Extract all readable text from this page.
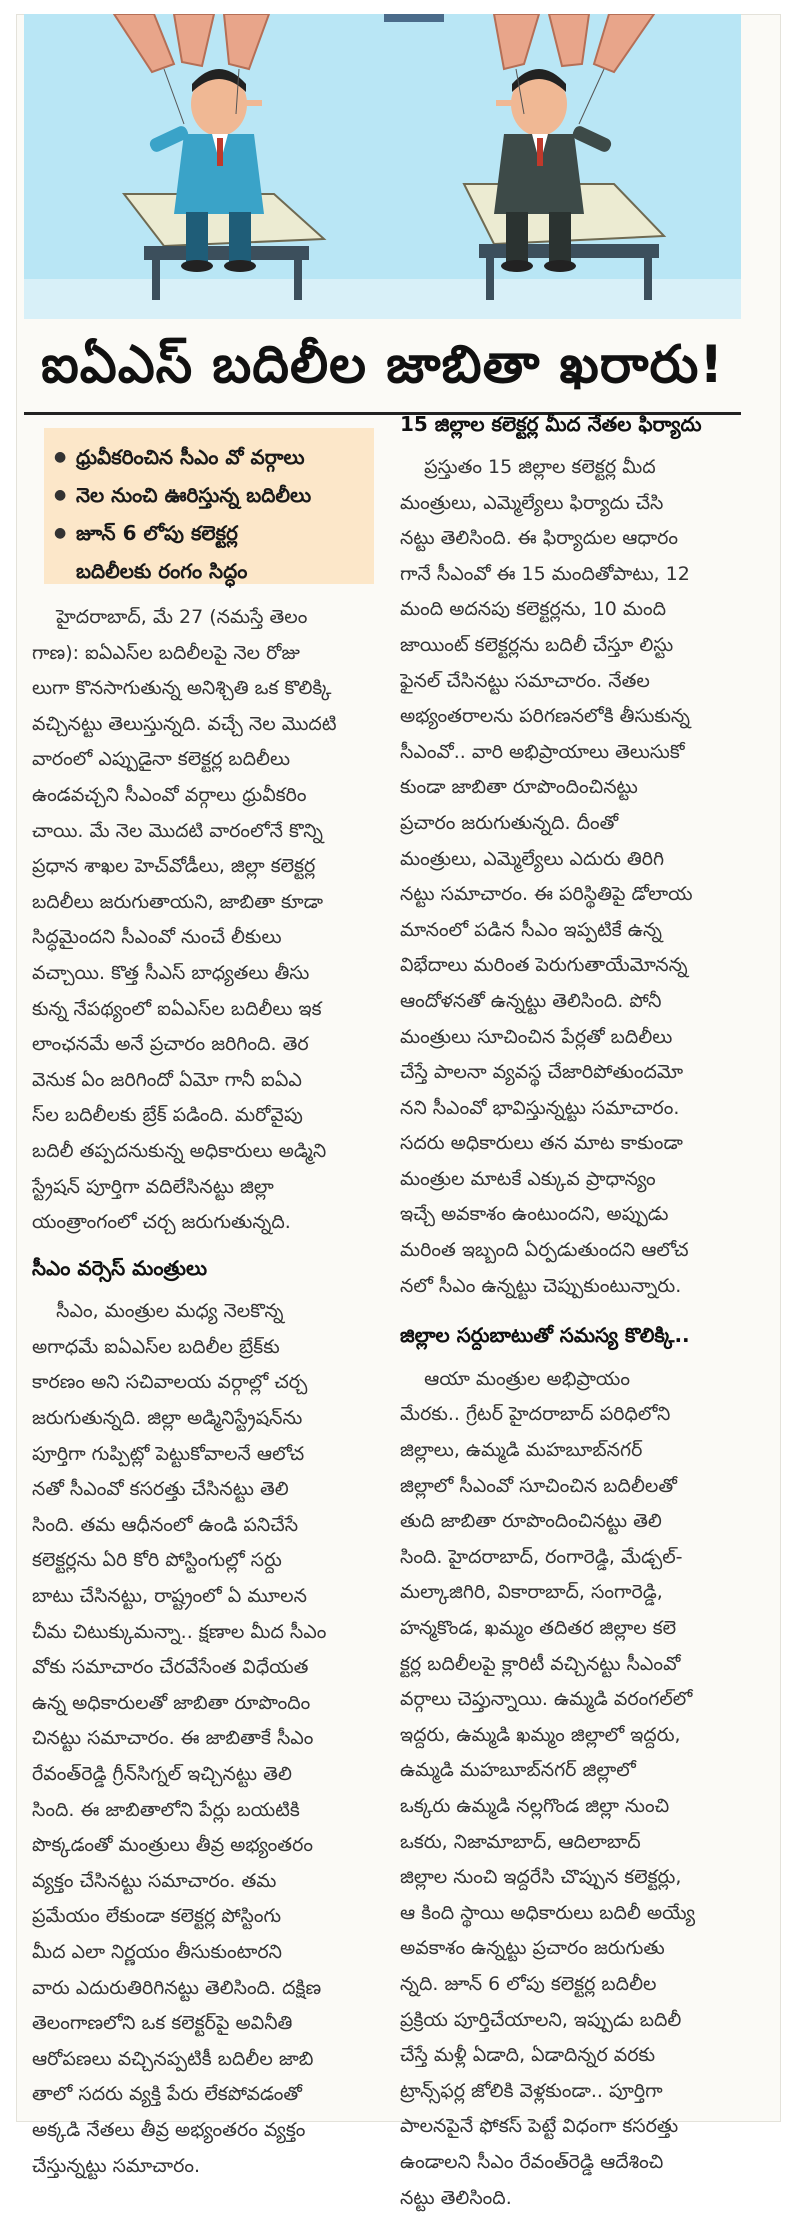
ఐఏఎస్ బదిలీల జాబితా ఖరారు!
● ధ్రువీకరించిన సీఎం వో వర్గాలు
● నెల నుంచి ఊరిస్తున్న బదిలీలు
● జూన్ 6 లోపు కలెక్టర్ల
బదిలీలకు రంగం సిద్ధం
15 జిల్లాల కలెక్టర్ల మీద నేతల ఫిర్యాదు
హైదరాబాద్, మే 27 (నమస్తే తెలం
గాణ): ఐఏఎస్‌ల బదిలీలపై నెల రోజు
లుగా కొనసాగుతున్న అనిశ్చితి ఒక కొలిక్కి
వచ్చినట్టు తెలుస్తున్నది. వచ్చే నెల మొదటి
వారంలో ఎప్పుడైనా కలెక్టర్ల బదిలీలు
ఉండవచ్చని సీఎంవో వర్గాలు ధ్రువీకరిం
చాయి. మే నెల మొదటి వారంలోనే కొన్ని
ప్రధాన శాఖల హెచ్‌వోడీలు, జిల్లా కలెక్టర్ల
బదిలీలు జరుగుతాయని, జాబితా కూడా
సిద్ధమైందని సీఎంవో నుంచే లీకులు
వచ్చాయి. కొత్త సీఎస్ బాధ్యతలు తీసు
కున్న నేపథ్యంలో ఐఏఎస్‌ల బదిలీలు ఇక
లాంఛనమే అనే ప్రచారం జరిగింది. తెర
వెనుక ఏం జరిగిందో ఏమో గానీ ఐఏఎ
స్‌ల బదిలీలకు బ్రేక్ పడింది. మరోవైపు
బదిలీ తప్పదనుకున్న అధికారులు అడ్మిని
స్ట్రేషన్ పూర్తిగా వదిలేసినట్టు జిల్లా
యంత్రాంగంలో చర్చ జరుగుతున్నది.
సీఎం వర్సెస్ మంత్రులు
సీఎం, మంత్రుల మధ్య నెలకొన్న
అగాధమే ఐఏఎస్‌ల బదిలీల బ్రేక్‌కు
కారణం అని సచివాలయ వర్గాల్లో చర్చ
జరుగుతున్నది. జిల్లా అడ్మినిస్ట్రేషన్‌ను
పూర్తిగా గుప్పిట్లో పెట్టుకోవాలనే ఆలోచ
నతో సీఎంవో కసరత్తు చేసినట్టు తెలి
సింది. తమ ఆధీనంలో ఉండి పనిచేసే
కలెక్టర్లను ఏరి కోరి పోస్టింగుల్లో సర్దు
బాటు చేసినట్టు, రాష్ట్రంలో ఏ మూలన
చీమ చిటుక్కుమన్నా.. క్షణాల మీద సీఎం
వోకు సమాచారం చేరవేసేంత విధేయత
ఉన్న అధికారులతో జాబితా రూపొందిం
చినట్టు సమాచారం. ఈ జాబితాకే సీఎం
రేవంత్‌రెడ్డి గ్రీన్‌సిగ్నల్ ఇచ్చినట్టు తెలి
సింది. ఈ జాబితాలోని పేర్లు బయటికి
పొక్కడంతో మంత్రులు తీవ్ర అభ్యంతరం
వ్యక్తం చేసినట్టు సమాచారం. తమ
ప్రమేయం లేకుండా కలెక్టర్ల పోస్టింగు
మీద ఎలా నిర్ణయం తీసుకుంటారని
వారు ఎదురుతిరిగినట్టు తెలిసింది. దక్షిణ
తెలంగాణలోని ఒక కలెక్టర్‌పై అవినీతి
ఆరోపణలు వచ్చినప్పటికీ బదిలీల జాబి
తాలో సదరు వ్యక్తి పేరు లేకపోవడంతో
అక్కడి నేతలు తీవ్ర అభ్యంతరం వ్యక్తం
చేస్తున్నట్టు సమాచారం.
ప్రస్తుతం 15 జిల్లాల కలెక్టర్ల మీద
మంత్రులు, ఎమ్మెల్యేలు ఫిర్యాదు చేసి
నట్టు తెలిసింది. ఈ ఫిర్యాదుల ఆధారం
గానే సీఎంవో ఈ 15 మందితోపాటు, 12
మంది అదనపు కలెక్టర్లను, 10 మంది
జాయింట్ కలెక్టర్లను బదిలీ చేస్తూ లిస్టు
ఫైనల్ చేసినట్టు సమాచారం. నేతల
అభ్యంతరాలను పరిగణనలోకి తీసుకున్న
సీఎంవో.. వారి అభిప్రాయాలు తెలుసుకో
కుండా జాబితా రూపొందించినట్టు
ప్రచారం జరుగుతున్నది. దీంతో
మంత్రులు, ఎమ్మెల్యేలు ఎదురు తిరిగి
నట్టు సమాచారం. ఈ పరిస్థితిపై డోలాయ
మానంలో పడిన సీఎం ఇప్పటికే ఉన్న
విభేదాలు మరింత పెరుగుతాయేమోనన్న
ఆందోళనతో ఉన్నట్టు తెలిసింది. పోనీ
మంత్రులు సూచించిన పేర్లతో బదిలీలు
చేస్తే పాలనా వ్యవస్థ చేజారిపోతుందమో
నని సీఎంవో భావిస్తున్నట్టు సమాచారం.
సదరు అధికారులు తన మాట కాకుండా
మంత్రుల మాటకే ఎక్కువ ప్రాధాన్యం
ఇచ్చే అవకాశం ఉంటుందని, అప్పుడు
మరింత ఇబ్బంది ఏర్పడుతుందని ఆలోచ
నలో సీఎం ఉన్నట్టు చెప్పుకుంటున్నారు.
జిల్లాల సర్దుబాటుతో సమస్య కొలిక్కి..
ఆయా మంత్రుల అభిప్రాయం
మేరకు.. గ్రేటర్ హైదరాబాద్ పరిధిలోని
జిల్లాలు, ఉమ్మడి మహబూబ్‌నగర్
జిల్లాలో సీఎంవో సూచించిన బదిలీలతో
తుది జాబితా రూపొందించినట్టు తెలి
సింది. హైదరాబాద్, రంగారెడ్డి, మేడ్చల్-
మల్కాజిగిరి, వికారాబాద్, సంగారెడ్డి,
హన్మకొండ, ఖమ్మం తదితర జిల్లాల కలె
క్టర్ల బదిలీలపై క్లారిటీ వచ్చినట్టు సీఎంవో
వర్గాలు చెప్తున్నాయి. ఉమ్మడి వరంగల్‌లో
ఇద్దరు, ఉమ్మడి ఖమ్మం జిల్లాలో ఇద్దరు,
ఉమ్మడి మహబూబ్‌నగర్ జిల్లాలో
ఒక్కరు ఉమ్మడి నల్లగొండ జిల్లా నుంచి
ఒకరు, నిజామాబాద్, ఆదిలాబాద్
జిల్లాల నుంచి ఇద్దరేసి చొప్పున కలెక్టర్లు,
ఆ కింది స్థాయి అధికారులు బదిలీ అయ్యే
అవకాశం ఉన్నట్టు ప్రచారం జరుగుతు
న్నది. జూన్ 6 లోపు కలెక్టర్ల బదిలీల
ప్రక్రియ పూర్తిచేయాలని, ఇప్పుడు బదిలీ
చేస్తే మళ్లీ ఏడాది, ఏడాదిన్నర వరకు
ట్రాన్స్‌ఫర్ల జోలికి వెళ్లకుండా.. పూర్తిగా
పాలనపైనే ఫోకస్ పెట్టే విధంగా కసరత్తు
ఉండాలని సీఎం రేవంత్‌రెడ్డి ఆదేశించి
నట్టు తెలిసింది.
